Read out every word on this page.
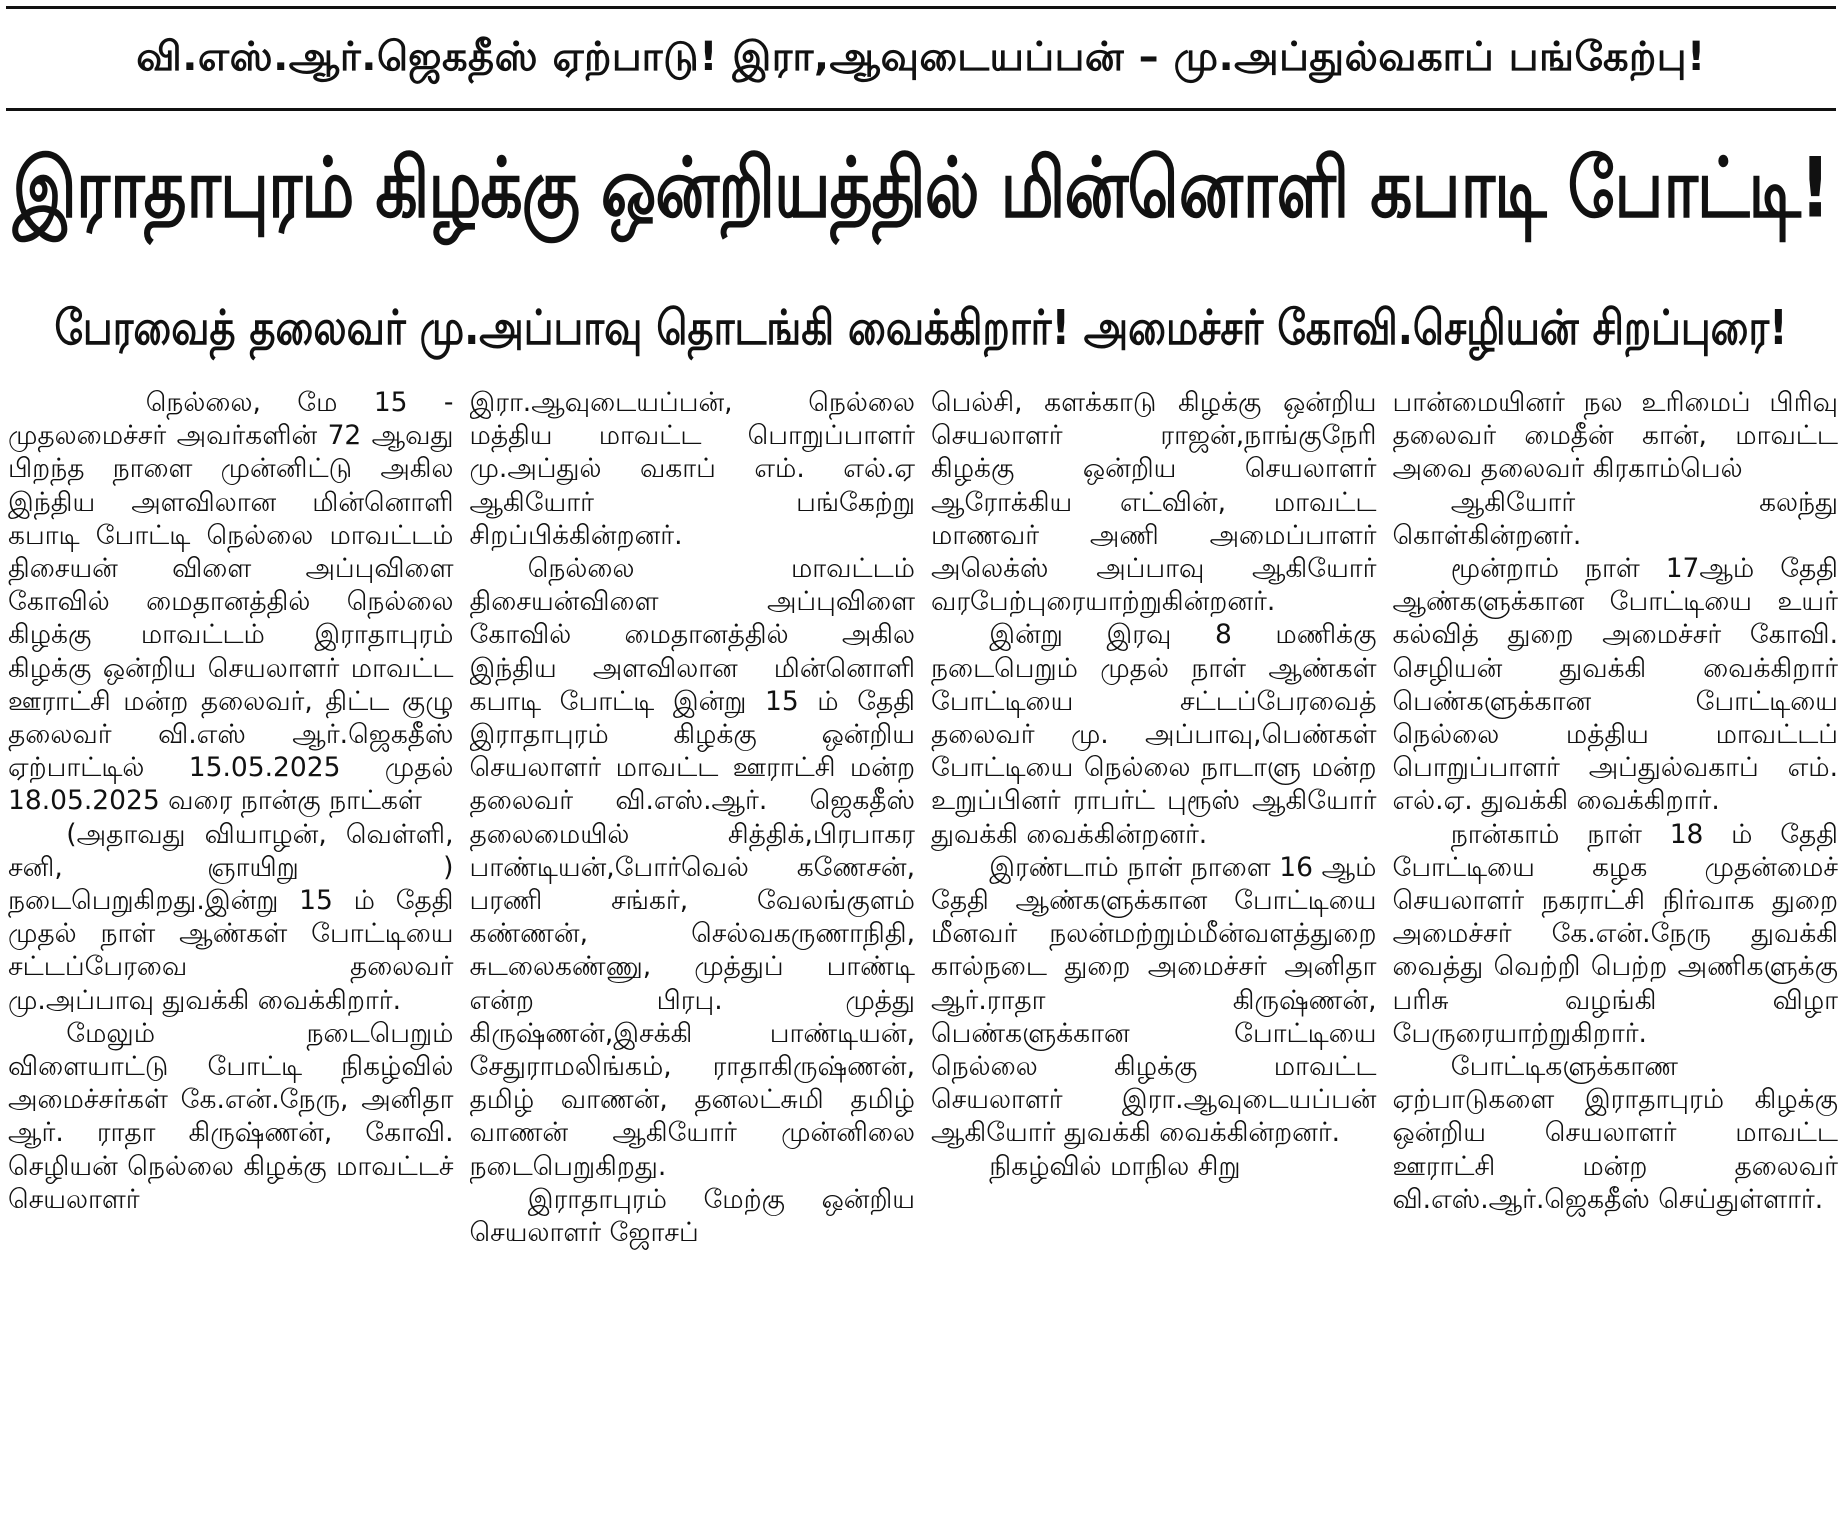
வி.எஸ்.ஆர்.ஜெகதீஸ் ஏற்பாடு! இரா,ஆவுடையப்பன் – மு.அப்துல்வகாப் பங்கேற்பு!
இராதாபுரம் கிழக்கு ஒன்றியத்தில் மின்னொளி கபாடி போட்டி!
பேரவைத் தலைவர் மு.அப்பாவு தொடங்கி வைக்கிறார்! அமைச்சர் கோவி.செழியன் சிறப்புரை!

நெல்லை, மே 15 - முதலமைச்சர் அவர்களின் 72 ஆவது பிறந்த நாளை முன்னிட்டு அகில இந்திய அளவிலான மின்னொளி கபாடி போட்டி நெல்லை மாவட்டம் திசையன் விளை அப்புவிளை கோவில் மைதானத்தில் நெல்லை கிழக்கு மாவட்டம் இராதாபுரம் கிழக்கு ஒன்றிய செயலாளர் மாவட்ட ஊராட்சி மன்ற தலைவர், திட்ட குழு தலைவர் வி.எஸ் ஆர்.ஜெகதீஸ் ஏற்பாட்டில் 15.05.2025 முதல் 18.05.2025 வரை நான்கு நாட்கள்

(அதாவது வியாழன், வெள்ளி, சனி, ஞாயிறு ) நடைபெறுகிறது.இன்று 15 ம் தேதி முதல் நாள் ஆண்கள் போட்டியை சட்டப்பேரவை தலைவர் மு.அப்பாவு துவக்கி வைக்கிறார்.

மேலும் நடைபெறும் விளையாட்டு போட்டி நிகழ்வில் அமைச்சர்கள் கே.என்.நேரு, அனிதா ஆர். ராதா கிருஷ்ணன், கோவி. செழியன் நெல்லை கிழக்கு மாவட்டச் செயலாளர்

இரா.ஆவுடையப்பன், நெல்லை மத்திய மாவட்ட பொறுப்பாளர் மு.அப்துல் வகாப் எம். எல்.ஏ ஆகியோர் பங்கேற்று சிறப்பிக்கின்றனர்.

நெல்லை மாவட்டம் திசையன்விளை அப்புவிளை கோவில் மைதானத்தில் அகில இந்திய அளவிலான மின்னொளி கபாடி போட்டி இன்று 15 ம் தேதி இராதாபுரம் கிழக்கு ஒன்றிய செயலாளர் மாவட்ட ஊராட்சி மன்ற தலைவர் வி.எஸ்.ஆர். ஜெகதீஸ் தலைமையில் சித்திக்,பிரபாகர பாண்டியன்,போர்வெல் கணேசன், பரணி சங்கர், வேலங்குளம் கண்ணன், செல்வகருணாநிதி, சுடலைகண்ணு, முத்துப் பாண்டி என்ற பிரபு. முத்து கிருஷ்ணன்,இசக்கி பாண்டியன், சேதுராமலிங்கம், ராதாகிருஷ்ணன், தமிழ் வாணன், தனலட்சுமி தமிழ் வாணன் ஆகியோர் முன்னிலை நடைபெறுகிறது.

இராதாபுரம் மேற்கு ஒன்றிய செயலாளர் ஜோசப்

பெல்சி, களக்காடு கிழக்கு ஒன்றிய செயலாளர் ராஜன்,நாங்குநேரி கிழக்கு ஒன்றிய செயலாளர் ஆரோக்கிய எட்வின், மாவட்ட மாணவர் அணி அமைப்பாளர் அலெக்ஸ் அப்பாவு ஆகியோர் வரபேற்புரையாற்றுகின்றனர்.

இன்று இரவு 8 மணிக்கு நடைபெறும் முதல் நாள் ஆண்கள் போட்டியை சட்டப்பேரவைத் தலைவர் மு. அப்பாவு,பெண்கள் போட்டியை நெல்லை நாடாளு மன்ற உறுப்பினர் ராபர்ட் புரூஸ் ஆகியோர் துவக்கி வைக்கின்றனர்.

இரண்டாம் நாள் நாளை 16 ஆம் தேதி ஆண்களுக்கான போட்டியை மீனவர் நலன்மற்றும்மீன்வளத்துறை கால்நடை துறை அமைச்சர் அனிதா ஆர்.ராதா கிருஷ்ணன், பெண்களுக்கான போட்டியை நெல்லை கிழக்கு மாவட்ட செயலாளர் இரா.ஆவுடையப்பன் ஆகியோர் துவக்கி வைக்கின்றனர்.

நிகழ்வில் மாநில சிறு

பான்மையினர் நல உரிமைப் பிரிவு தலைவர் மைதீன் கான், மாவட்ட அவை தலைவர் கிரகாம்பெல்

ஆகியோர் கலந்து கொள்கின்றனர்.

மூன்றாம் நாள் 17ஆம் தேதி ஆண்களுக்கான போட்டியை உயர் கல்வித் துறை அமைச்சர் கோவி. செழியன் துவக்கி வைக்கிறார் பெண்களுக்கான போட்டியை நெல்லை மத்திய மாவட்டப் பொறுப்பாளர் அப்துல்வகாப் எம். எல்.ஏ. துவக்கி வைக்கிறார்.

நான்காம் நாள் 18 ம் தேதி போட்டியை கழக முதன்மைச் செயலாளர் நகராட்சி நிர்வாக துறை அமைச்சர் கே.என்.நேரு துவக்கி வைத்து வெற்றி பெற்ற அணிகளுக்கு பரிசு வழங்கி விழா பேருரையாற்றுகிறார்.

போட்டிகளுக்காண ஏற்பாடுகளை இராதாபுரம் கிழக்கு ஒன்றிய செயலாளர் மாவட்ட ஊராட்சி மன்ற தலைவர் வி.எஸ்.ஆர்.ஜெகதீஸ் செய்துள்ளார்.
